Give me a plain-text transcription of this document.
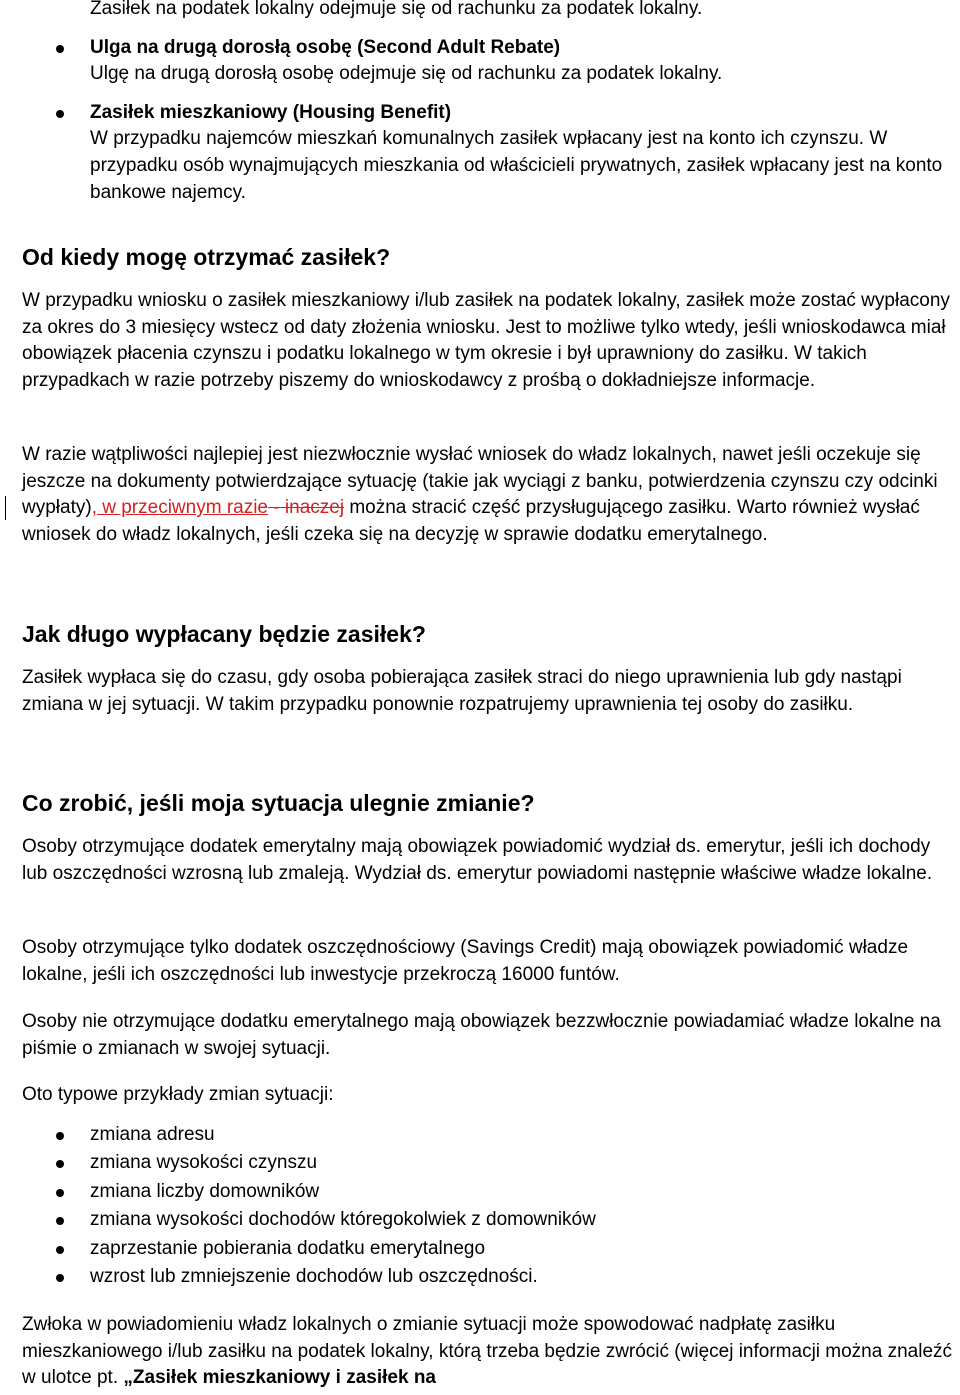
Zasiłek na podatek lokalny odejmuje się od rachunku za podatek lokalny.
Ulga na drugą dorosłą osobę (Second Adult Rebate)
Ulgę na drugą dorosłą osobę odejmuje się od rachunku za podatek lokalny.
Zasiłek mieszkaniowy (Housing Benefit)
W przypadku najemców mieszkań komunalnych zasiłek wpłacany jest na konto ich czynszu. W przypadku osób wynajmujących mieszkania od właścicieli prywatnych, zasiłek wpłacany jest na konto bankowe najemcy.
Od kiedy mogę otrzymać zasiłek?

W przypadku wniosku o zasiłek mieszkaniowy i/lub zasiłek na podatek lokalny, zasiłek może zostać wypłacony za okres do 3 miesięcy wstecz od daty złożenia wniosku. Jest to możliwe tylko wtedy, jeśli wnioskodawca miał obowiązek płacenia czynszu i podatku lokalnego w tym okresie i był uprawniony do zasiłku. W takich przypadkach w razie potrzeby piszemy do wnioskodawcy z prośbą o dokładniejsze informacje.

W razie wątpliwości najlepiej jest niezwłocznie wysłać wniosek do władz lokalnych, nawet jeśli oczekuje się jeszcze na dokumenty potwierdzające sytuację (takie jak wyciągi z banku, potwierdzenia czynszu czy odcinki wypłaty), w przeciwnym razie - inaczej można stracić część przysługującego zasiłku. Warto również wysłać wniosek do władz lokalnych, jeśli czeka się na decyzję w sprawie dodatku emerytalnego.

Jak długo wypłacany będzie zasiłek?

Zasiłek wypłaca się do czasu, gdy osoba pobierająca zasiłek straci do niego uprawnienia lub gdy nastąpi zmiana w jej sytuacji. W takim przypadku ponownie rozpatrujemy uprawnienia tej osoby do zasiłku.

Co zrobić, jeśli moja sytuacja ulegnie zmianie?

Osoby otrzymujące dodatek emerytalny mają obowiązek powiadomić wydział ds. emerytur, jeśli ich dochody lub oszczędności wzrosną lub zmaleją. Wydział ds. emerytur powiadomi następnie właściwe władze lokalne.

Osoby otrzymujące tylko dodatek oszczędnościowy (Savings Credit) mają obowiązek powiadomić władze lokalne, jeśli ich oszczędności lub inwestycje przekroczą 16000 funtów.

Osoby nie otrzymujące dodatku emerytalnego mają obowiązek bezzwłocznie powiadamiać władze lokalne na piśmie o zmianach w swojej sytuacji.

Oto typowe przykłady zmian sytuacji:

zmiana adresu
zmiana wysokości czynszu
zmiana liczby domowników
zmiana wysokości dochodów któregokolwiek z domowników
zaprzestanie pobierania dodatku emerytalnego
wzrost lub zmniejszenie dochodów lub oszczędności.

Zwłoka w powiadomieniu władz lokalnych o zmianie sytuacji może spowodować nadpłatę zasiłku mieszkaniowego i/lub zasiłku na podatek lokalny, którą trzeba będzie zwrócić (więcej informacji można znaleźć w ulotce pt. „Zasiłek mieszkaniowy i zasiłek na
